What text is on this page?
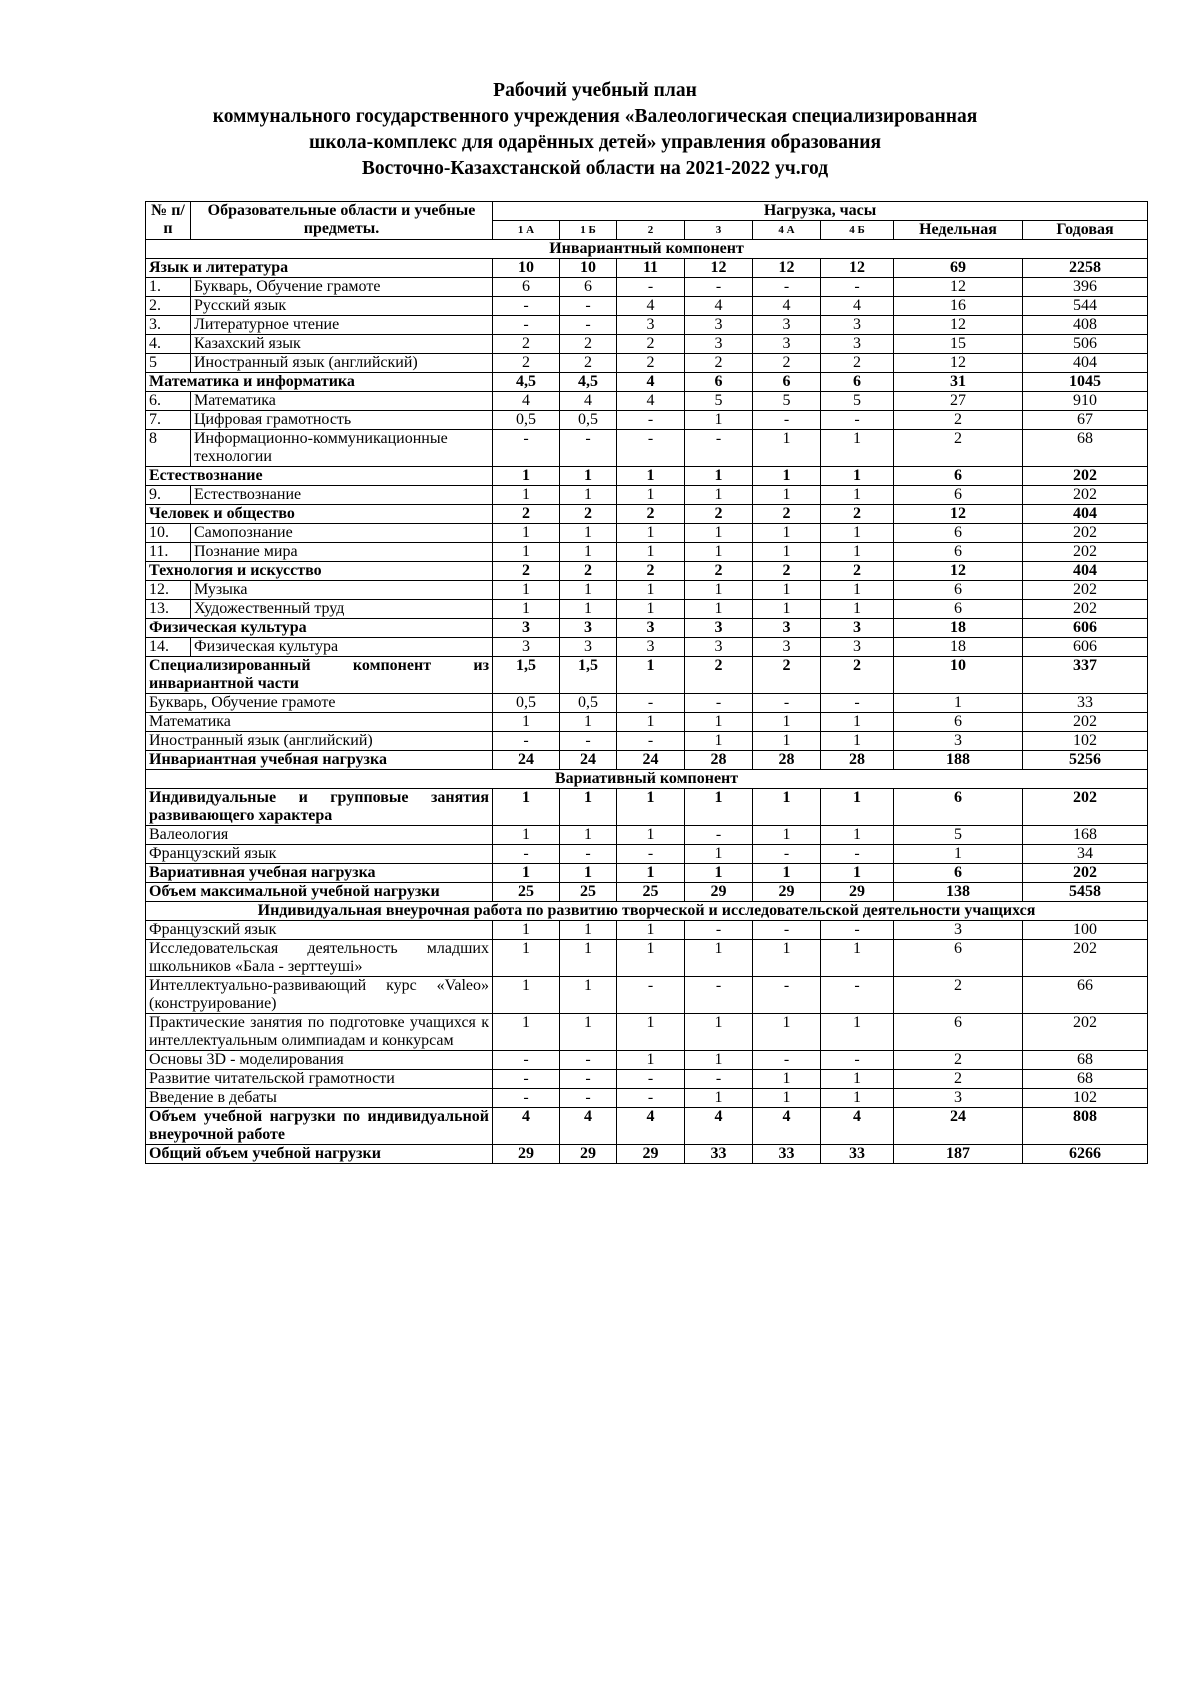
Рабочий учебный план
коммунального государственного учреждения «Валеологическая специализированная
школа-комплекс для одарённых детей» управления образования
Восточно-Казахстанской области на 2021-2022 уч.год
№ п/п	Образовательные области и учебные предметы.	Нагрузка, часы							
		1 А	1 Б	2	3	4 А	4 Б	Недельная	Годовая
Инвариантный компонент									
Язык и литература		10	10	11	12	12	12	69	2258
1.	Букварь, Обучение грамоте	6	6	-	-	-	-	12	396
2.	Русский язык	-	-	4	4	4	4	16	544
3.	Литературное чтение	-	-	3	3	3	3	12	408
4.	Казахский язык	2	2	2	3	3	3	15	506
5	Иностранный язык (английский)	2	2	2	2	2	2	12	404
Математика и информатика		4,5	4,5	4	6	6	6	31	1045
6.	Математика	4	4	4	5	5	5	27	910
7.	Цифровая грамотность	0,5	0,5	-	1	-	-	2	67
8	Информационно-коммуникационные технологии	-	-	-	-	1	1	2	68
Естествознание		1	1	1	1	1	1	6	202
9.	Естествознание	1	1	1	1	1	1	6	202
Человек и общество		2	2	2	2	2	2	12	404
10.	Самопознание	1	1	1	1	1	1	6	202
11.	Познание мира	1	1	1	1	1	1	6	202
Технология и искусство		2	2	2	2	2	2	12	404
12.	Музыка	1	1	1	1	1	1	6	202
13.	Художественный труд	1	1	1	1	1	1	6	202
Физическая культура		3	3	3	3	3	3	18	606
14.	Физическая культура	3	3	3	3	3	3	18	606
Специализированный компонент из инвариантной части		1,5	1,5	1	2	2	2	10	337
Букварь, Обучение грамоте		0,5	0,5	-	-	-	-	1	33
Математика		1	1	1	1	1	1	6	202
Иностранный язык (английский)		-	-	-	1	1	1	3	102
Инвариантная учебная нагрузка		24	24	24	28	28	28	188	5256
Вариативный компонент									
Индивидуальные и групповые занятия развивающего характера		1	1	1	1	1	1	6	202
Валеология		1	1	1	-	1	1	5	168
Французский язык		-	-	-	1	-	-	1	34
Вариативная учебная нагрузка		1	1	1	1	1	1	6	202
Объем максимальной учебной нагрузки		25	25	25	29	29	29	138	5458
Индивидуальная внеурочная работа по развитию творческой и исследовательской деятельности учащихся									
Французский язык		1	1	1	-	-	-	3	100
Исследовательская деятельность младших школьников «Бала - зерттеуші»		1	1	1	1	1	1	6	202
Интеллектуально-развивающий курс «Valeo» (конструирование)		1	1	-	-	-	-	2	66
Практические занятия по подготовке учащихся к интеллектуальным олимпиадам и конкурсам		1	1	1	1	1	1	6	202
Основы 3D - моделирования		-	-	1	1	-	-	2	68
Развитие читательской грамотности		-	-	-	-	1	1	2	68
Введение в дебаты		-	-	-	1	1	1	3	102
Объем учебной нагрузки по индивидуальной внеурочной работе		4	4	4	4	4	4	24	808
Общий объем учебной нагрузки		29	29	29	33	33	33	187	6266
